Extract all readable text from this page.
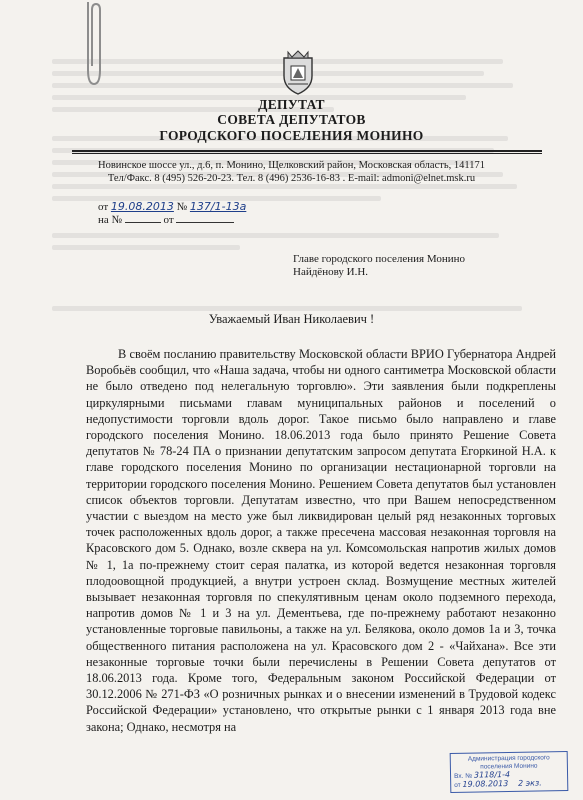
ДЕПУТАТ
СОВЕТА ДЕПУТАТОВ
ГОРОДСКОГО ПОСЕЛЕНИЯ МОНИНО
Новинское шоссе ул., д.6, п. Монино, Щелковский район, Московская область, 141171
Тел/Факс. 8 (495) 526-20-23. Тел. 8 (496) 2536-16-83 . E-mail: admoni@elnet.msk.ru
от 19.08.2013 № 137/1-13а
на №	от
Главе городского поселения Монино
Найдёнову И.Н.
Уважаемый Иван Николаевич !
В своём посланию правительству Московской области ВРИО Губернатора Андрей Воробьёв сообщил, что «Наша задача, чтобы ни одного сантиметра Московской области не было отведено под нелегальную торговлю». Эти заявления были подкреплены циркулярными письмами главам муниципальных районов и поселений о недопустимости торговли вдоль дорог. Такое письмо было направлено и главе городского поселения Монино. 18.06.2013 года было принято Решение Совета депутатов № 78-24 ПА о признании депутатским запросом депутата Егоркиной Н.А. к главе городского поселения Монино по организации нестационарной торговли на территории городского поселения Монино. Решением Совета депутатов был установлен список объектов торговли. Депутатам известно, что при Вашем непосредственном участии с выездом на место уже был ликвидирован целый ряд незаконных торговых точек расположенных вдоль дорог, а также пресечена массовая незаконная торговля на Красовского дом 5. Однако, возле сквера на ул. Комсомольская напротив жилых домов № 1, 1а по-прежнему стоит серая палатка, из которой ведется незаконная торговля плодоовощной продукцией, а внутри устроен склад. Возмущение местных жителей вызывает незаконная торговля по спекулятивным ценам около подземного перехода, напротив домов № 1 и 3 на ул. Дементьева, где по-прежнему работают незаконно установленные торговые павильоны, а также на ул. Белякова, около домов 1а и 3, точка общественного питания расположена на ул. Красовского дом 2 - «Чайхана». Все эти незаконные торговые точки были перечислены в Решении Совета депутатов от 18.06.2013 года. Кроме того, Федеральным законом Российской Федерации от 30.12.2006 № 271-ФЗ «О розничных рынках и о внесении изменений в Трудовой кодекс Российской Федерации» установлено, что открытые рынки с 1 января 2013 года вне закона; Однако, несмотря на
Администрация городского
поселения Монино
Вх. № 3118/1-4
от 19.08.2013 2 экз.
